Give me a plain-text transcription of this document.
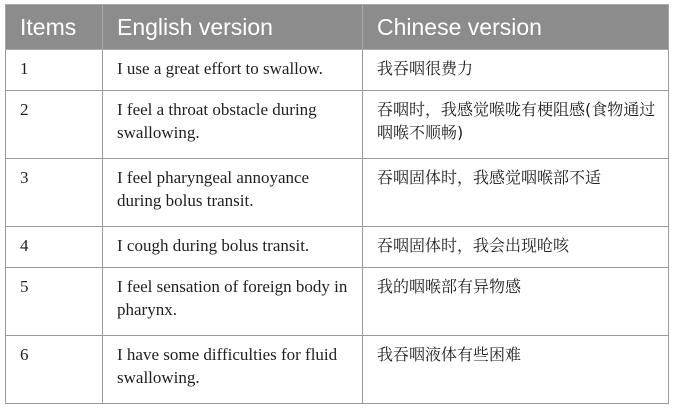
Items	English version	Chinese version
1	I use a great effort to swallow.	我吞咽很费力
2	I feel a throat obstacle during swallowing.	吞咽时，我感觉喉咙有梗阻感(食物通过咽喉不顺畅)
3	I feel pharyngeal annoyance during bolus transit.	吞咽固体时，我感觉咽喉部不适
4	I cough during bolus transit.	吞咽固体时，我会出现呛咳
5	I feel sensation of foreign body in pharynx.	我的咽喉部有异物感
6	I have some difficulties for fluid swallowing.	我吞咽液体有些困难
